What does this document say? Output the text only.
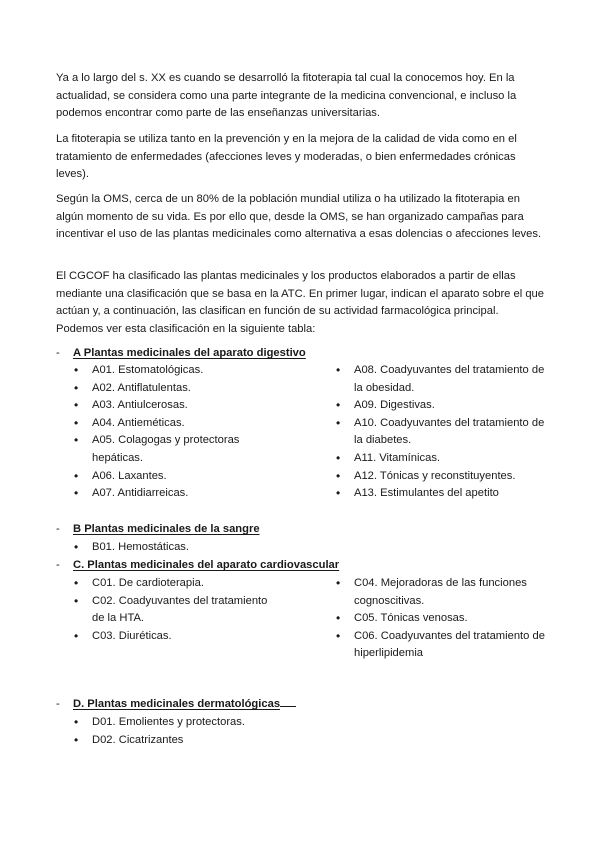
Ya a lo largo del s. XX es cuando se desarrolló la fitoterapia tal cual la conocemos hoy. En la actualidad, se considera como una parte integrante de la medicina convencional, e incluso la podemos encontrar como parte de las enseñanzas universitarias.

La fitoterapia se utiliza tanto en la prevención y en la mejora de la calidad de vida como en el tratamiento de enfermedades (afecciones leves y moderadas, o bien enfermedades crónicas leves).

Según la OMS, cerca de un 80% de la población mundial utiliza o ha utilizado la fitoterapia en algún momento de su vida. Es por ello que, desde la OMS, se han organizado campañas para incentivar el uso de las plantas medicinales como alternativa a esas dolencias o afecciones leves.

El CGCOF ha clasificado las plantas medicinales y los productos elaborados a partir de ellas mediante una clasificación que se basa en la ATC. En primer lugar, indican el aparato sobre el que actúan y, a continuación, las clasifican en función de su actividad farmacológica principal. Podemos ver esta clasificación en la siguiente tabla:

- A Plantas medicinales del aparato digestivo
• A01. Estomatológicas.
• A02. Antiflatulentas.
• A03. Antiulcerosas.
• A04. Antieméticas.
• A05. Colagogas y protectoras hepáticas.
• A06. Laxantes.
• A07. Antidiarreicas.
• A08. Coadyuvantes del tratamiento de la obesidad.
• A09. Digestivas.
• A10. Coadyuvantes del tratamiento de la diabetes.
• A11. Vitamínicas.
• A12. Tónicas y reconstituyentes.
• A13. Estimulantes del apetito
- B Plantas medicinales de la sangre
• B01. Hemostáticas.
- C. Plantas medicinales del aparato cardiovascular
• C01. De cardioterapia.
• C02. Coadyuvantes del tratamiento de la HTA.
• C03. Diuréticas.
• C04. Mejoradoras de las funciones cognoscitivas.
• C05. Tónicas venosas.
• C06. Coadyuvantes del tratamiento de hiperlipidemia
- D. Plantas medicinales dermatológicas
• D01. Emolientes y protectoras.
• D02. Cicatrizantes
